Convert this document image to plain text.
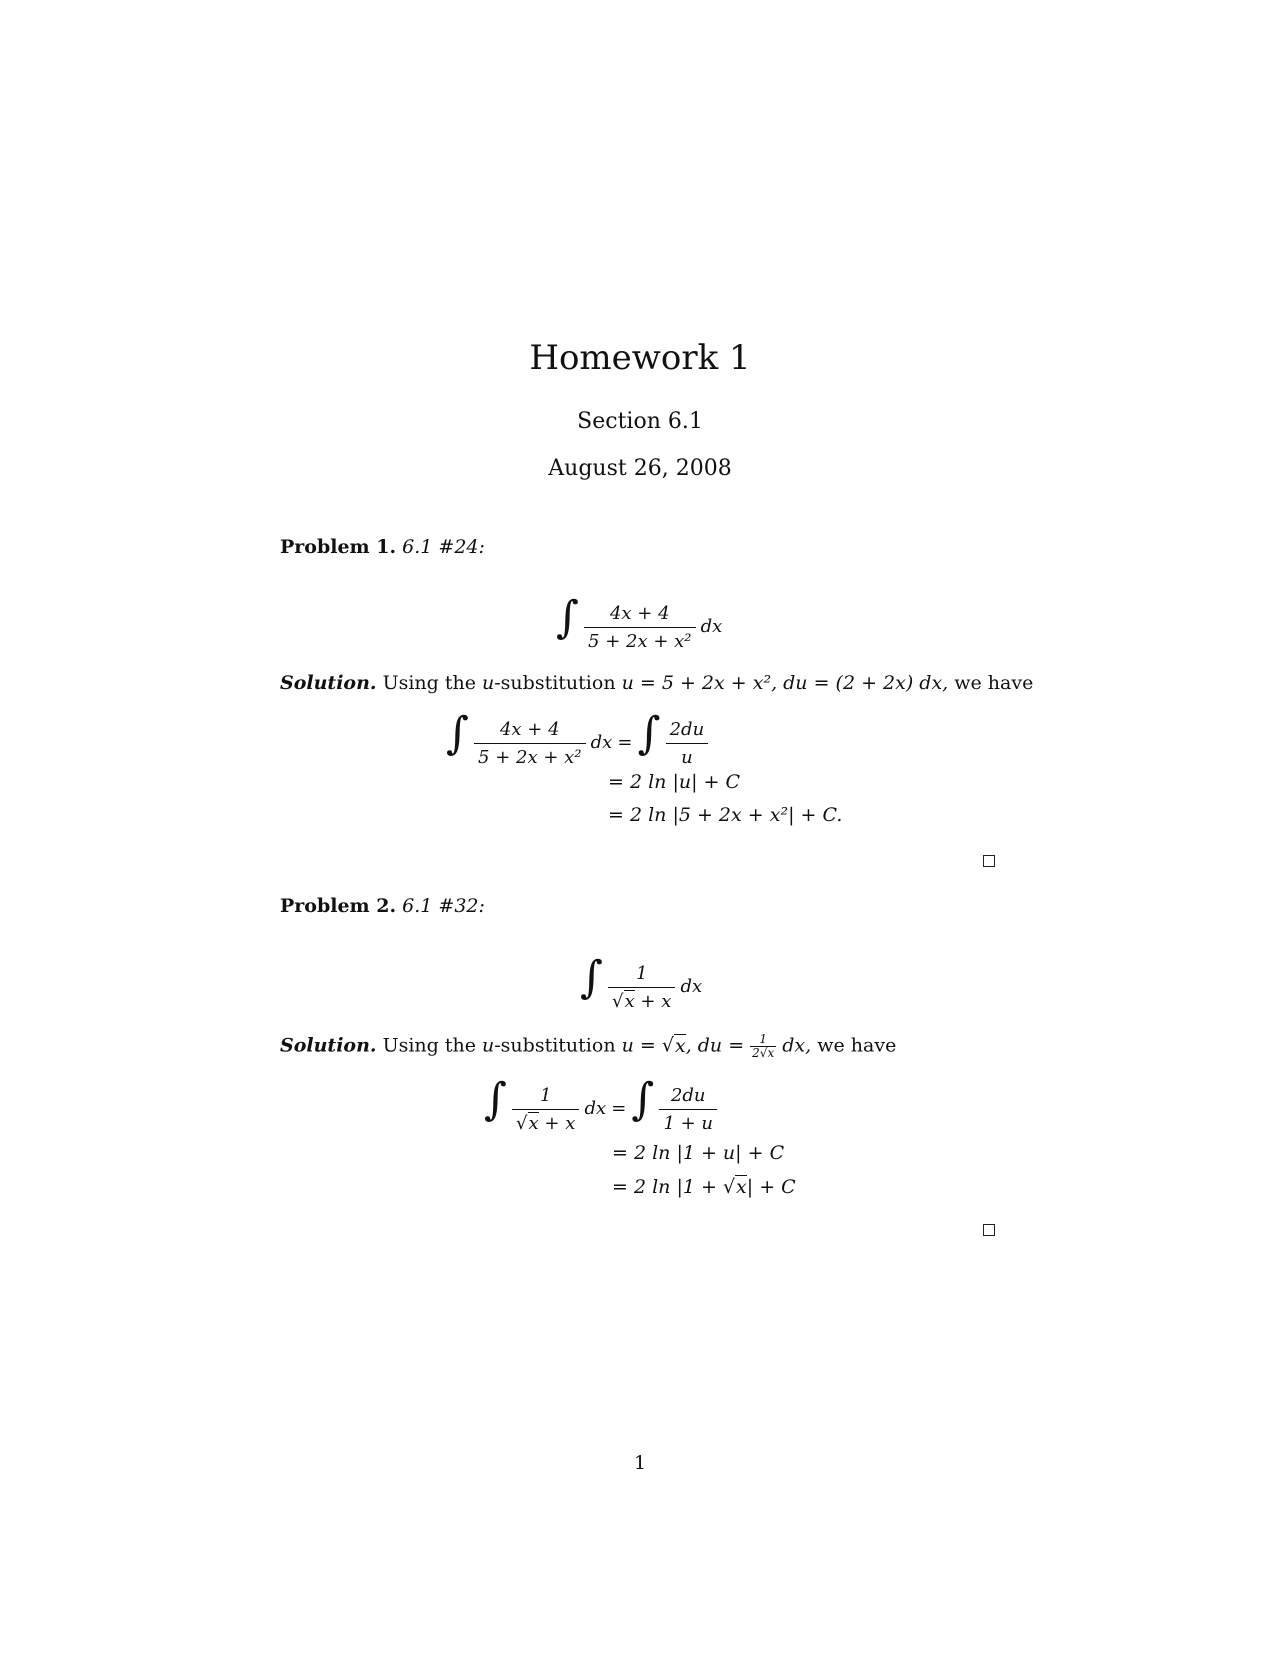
Homework 1
Section 6.1
August 26, 2008
Problem 1. 6.1 #24:
∫ $\frac{4x + 4}{\text{5 + 2x + x²}}$ dx
Solution. Using the u-substitution u = 5 + 2x + x², du = (2 + 2x) dx, we have
∫ $\frac{4x + 4}{\text{5 + 2x + x²}}$ dx = ∫ $\frac{2du}{u}$
= 2 ln |u| + C
= 2 ln |5 + 2x + x²| + C.
Problem 2. 6.1 #32:
∫ $\frac{1}{√x + x}$ dx
Solution. Using the u-substitution u = √x, du = $\frac{1}{2√x}$ dx, we have
∫ $\frac{1}{√x + x}$ dx = ∫ $\frac{2du}{1 + u}$
= 2 ln |1 + u| + C
= 2 ln |1 + √x| + C
1
